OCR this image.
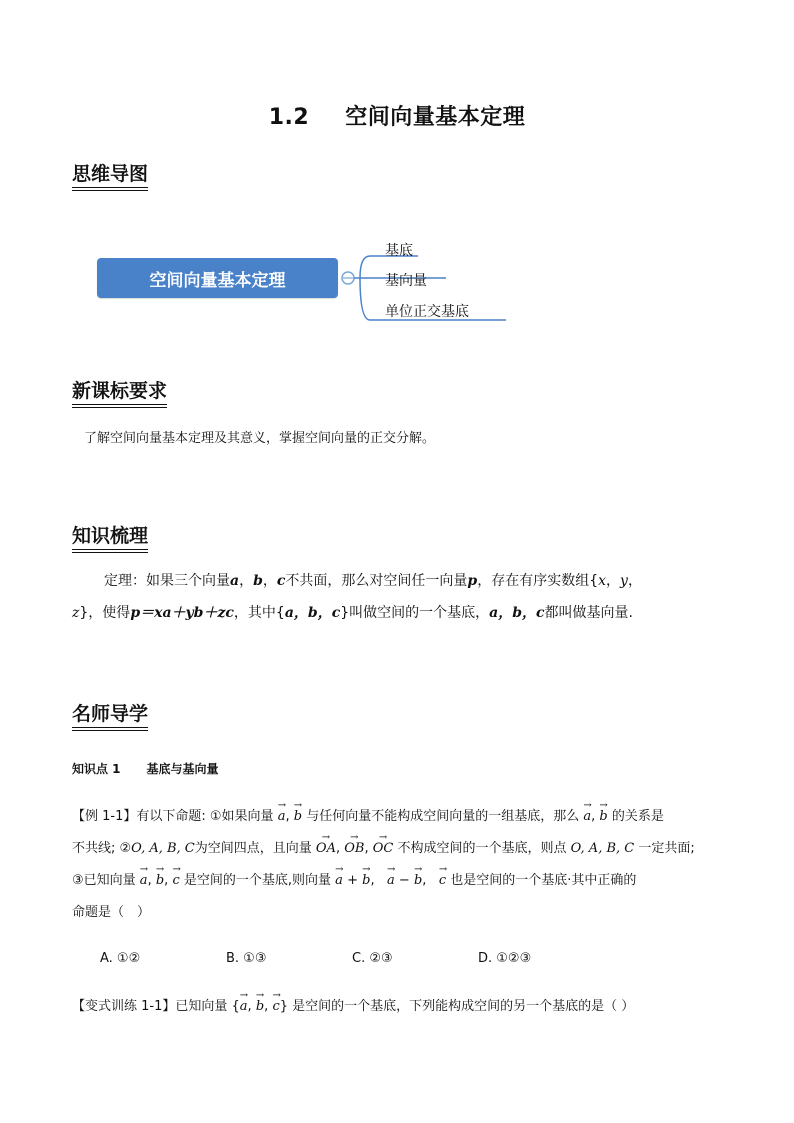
1.2 空间向量基本定理
思维导图
空间向量基本定理
基底
基向量
单位正交基底
新课标要求
了解空间向量基本定理及其意义，掌握空间向量的正交分解。
知识梳理
定理：如果三个向量a，b，c不共面，那么对空间任一向量p，存在有序实数组{x，y，
z}，使得p＝xa＋yb＋zc，其中{a，b，c}叫做空间的一个基底，a，b，c都叫做基向量.
名师导学
知识点 1 基底与基向量
【例 1-1】有以下命题: ①如果向量 → a, → b 与任何向量不能构成空间向量的一组基底，那么 → a, → b 的关系是
不共线; ②O, A, B, C为空间四点，且向量 → OA, → OB, → OC 不构成空间的一个基底，则点 O, A, B, C 一定共面;
③已知向量 → a, → b, → c 是空间的一个基底,则向量 → a + → b, → a − → b, → c 也是空间的一个基底·其中正确的
命题是（　）
A. ①②	B. ①③	C. ②③	D. ①②③
【变式训练 1-1】已知向量 {→ a, → b, → c} 是空间的一个基底，下列能构成空间的另一个基底的是（ ）
